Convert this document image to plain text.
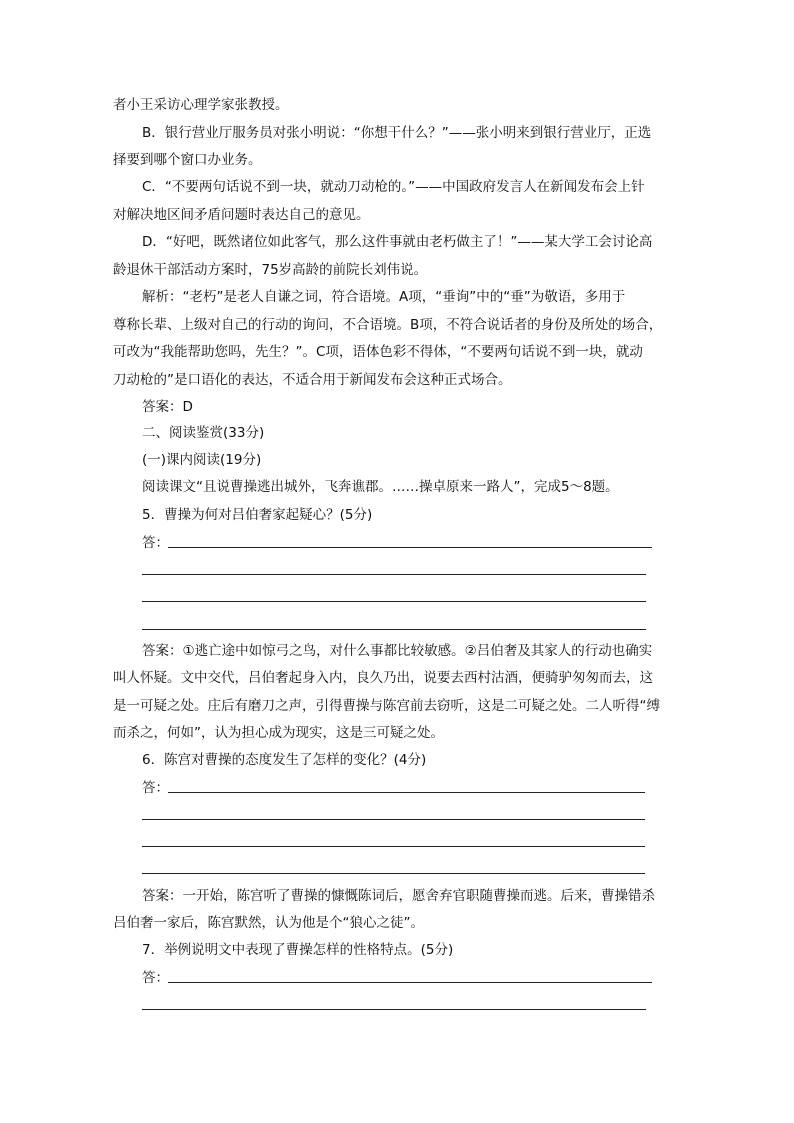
者小王采访心理学家张教授。
B．银行营业厅服务员对张小明说：“你想干什么？”——张小明来到银行营业厅，正选
择要到哪个窗口办业务。
C．“不要两句话说不到一块，就动刀动枪的。”——中国政府发言人在新闻发布会上针
对解决地区间矛盾问题时表达自己的意见。
D．“好吧，既然诸位如此客气，那么这件事就由老朽做主了！”——某大学工会讨论高
龄退休干部活动方案时，75岁高龄的前院长刘伟说。
解析：“老朽”是老人自谦之词，符合语境。A项，“垂询”中的“垂”为敬语，多用于
尊称长辈、上级对自己的行动的询问，不合语境。B项，不符合说话者的身份及所处的场合，
可改为“我能帮助您吗，先生？”。C项，语体色彩不得体，“不要两句话说不到一块，就动
刀动枪的”是口语化的表达，不适合用于新闻发布会这种正式场合。
答案：D
二、阅读鉴赏(33分)
(一)课内阅读(19分)
阅读课文“且说曹操逃出城外，飞奔谯郡。……操卓原来一路人”，完成5～8题。
5．曹操为何对吕伯奢家起疑心？(5分)
答：
答案：①逃亡途中如惊弓之鸟，对什么事都比较敏感。②吕伯奢及其家人的行动也确实
叫人怀疑。文中交代，吕伯奢起身入内，良久乃出，说要去西村沽酒，便骑驴匆匆而去，这
是一可疑之处。庄后有磨刀之声，引得曹操与陈宫前去窃听，这是二可疑之处。二人听得“缚
而杀之，何如”，认为担心成为现实，这是三可疑之处。
6．陈宫对曹操的态度发生了怎样的变化？(4分)
答：
答案：一开始，陈宫听了曹操的慷慨陈词后，愿舍弃官职随曹操而逃。后来，曹操错杀
吕伯奢一家后，陈宫默然，认为他是个“狼心之徒”。
7．举例说明文中表现了曹操怎样的性格特点。(5分)
答：
